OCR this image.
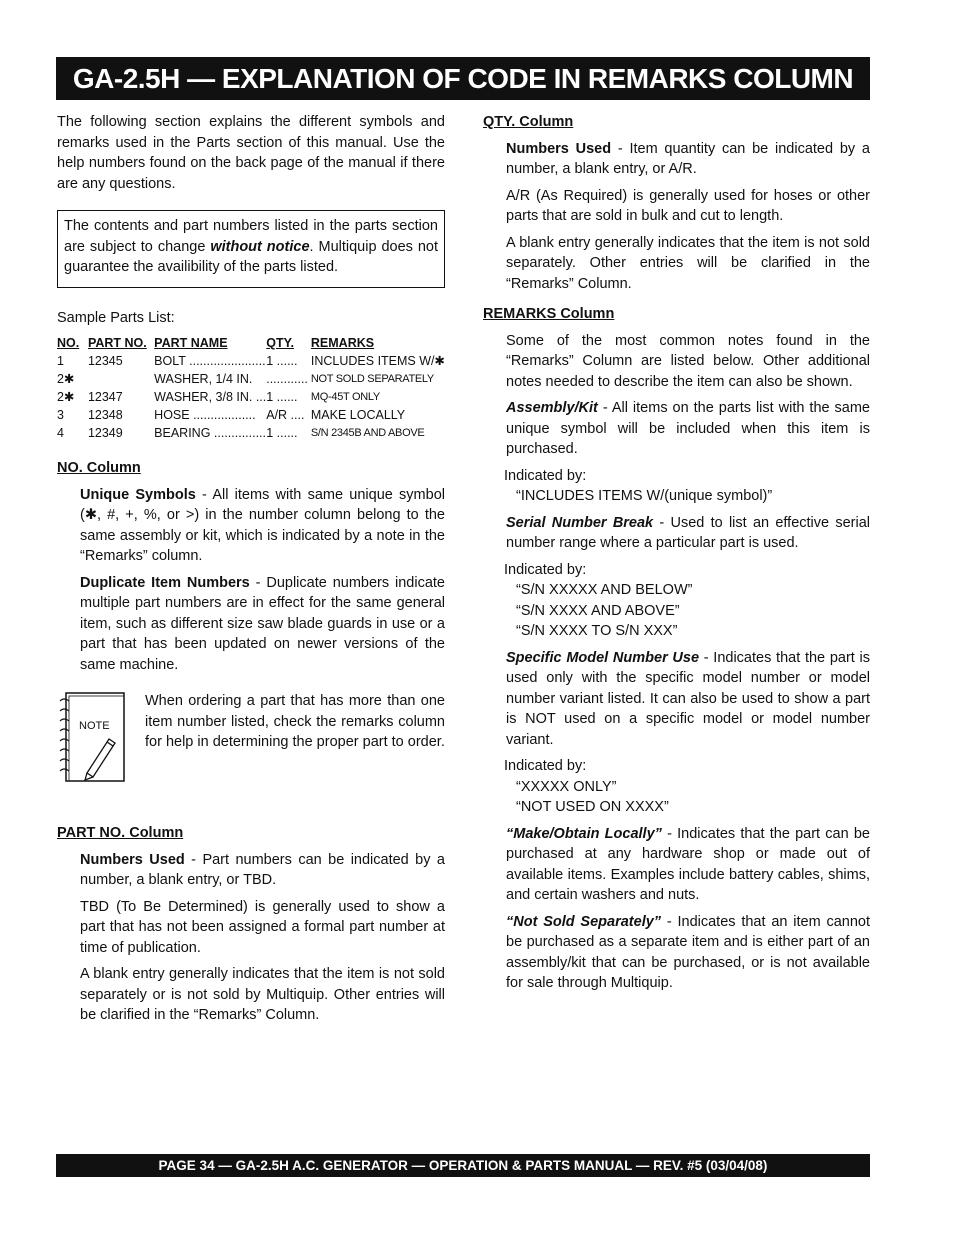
GA-2.5H — EXPLANATION OF CODE IN REMARKS COLUMN

The following section explains the different symbols and remarks used in the Parts section of this manual. Use the help numbers found on the back page of the manual if there are any questions.

The contents and part numbers listed in the parts section are subject to change without notice. Multiquip does not guarantee the availibility of the parts listed.
Sample Parts List:
NO.	PART NO.	PART NAME	QTY.	REMARKS
1	12345	BOLT ......................	1 ......	INCLUDES ITEMS W/✱
2✱		WASHER, 1/4 IN.	............	NOT SOLD SEPARATELY
2✱	12347	WASHER, 3/8 IN. ...	1 ......	MQ-45T ONLY
3	12348	HOSE ..................	A/R ....	MAKE LOCALLY
4	12349	BEARING ...............	1 ......	S/N 2345B AND ABOVE
NO. Column

Unique Symbols - All items with same unique symbol (✱, #, +, %, or >) in the number column belong to the same assembly or kit, which is indicated by a note in the “Remarks” column.

Duplicate Item Numbers - Duplicate numbers indicate multiple part numbers are in effect for the same general item, such as different size saw blade guards in use or a part that has been updated on newer versions of the same machine.

NOTE
When ordering a part that has more than one item number listed, check the remarks column for help in determining the proper part to order.
PART NO. Column

Numbers Used - Part numbers can be indicated by a number, a blank entry, or TBD.

TBD (To Be Determined) is generally used to show a part that has not been assigned a formal part number at time of publication.

A blank entry generally indicates that the item is not sold separately or is not sold by Multiquip. Other entries will be clarified in the “Remarks” Column.

QTY. Column

Numbers Used - Item quantity can be indicated by a number, a blank entry, or A/R.

A/R (As Required) is generally used for hoses or other parts that are sold in bulk and cut to length.

A blank entry generally indicates that the item is not sold separately. Other entries will be clarified in the “Remarks” Column.

REMARKS Column

Some of the most common notes found in the “Remarks” Column are listed below. Other additional notes needed to describe the item can also be shown.

Assembly/Kit - All items on the parts list with the same unique symbol will be included when this item is purchased.

Indicated by:
“INCLUDES ITEMS W/(unique symbol)”

Serial Number Break - Used to list an effective serial number range where a particular part is used.

Indicated by:
“S/N XXXXX AND BELOW”
“S/N XXXX AND ABOVE”
“S/N XXXX TO S/N XXX”

Specific Model Number Use - Indicates that the part is used only with the specific model number or model number variant listed. It can also be used to show a part is NOT used on a specific model or model number variant.

Indicated by:
“XXXXX ONLY”
“NOT USED ON XXXX”

“Make/Obtain Locally” - Indicates that the part can be purchased at any hardware shop or made out of available items. Examples include battery cables, shims, and certain washers and nuts.

“Not Sold Separately” - Indicates that an item cannot be purchased as a separate item and is either part of an assembly/kit that can be purchased, or is not available for sale through Multiquip.

PAGE 34 — GA-2.5H A.C. GENERATOR — OPERATION & PARTS MANUAL — REV. #5 (03/04/08)
